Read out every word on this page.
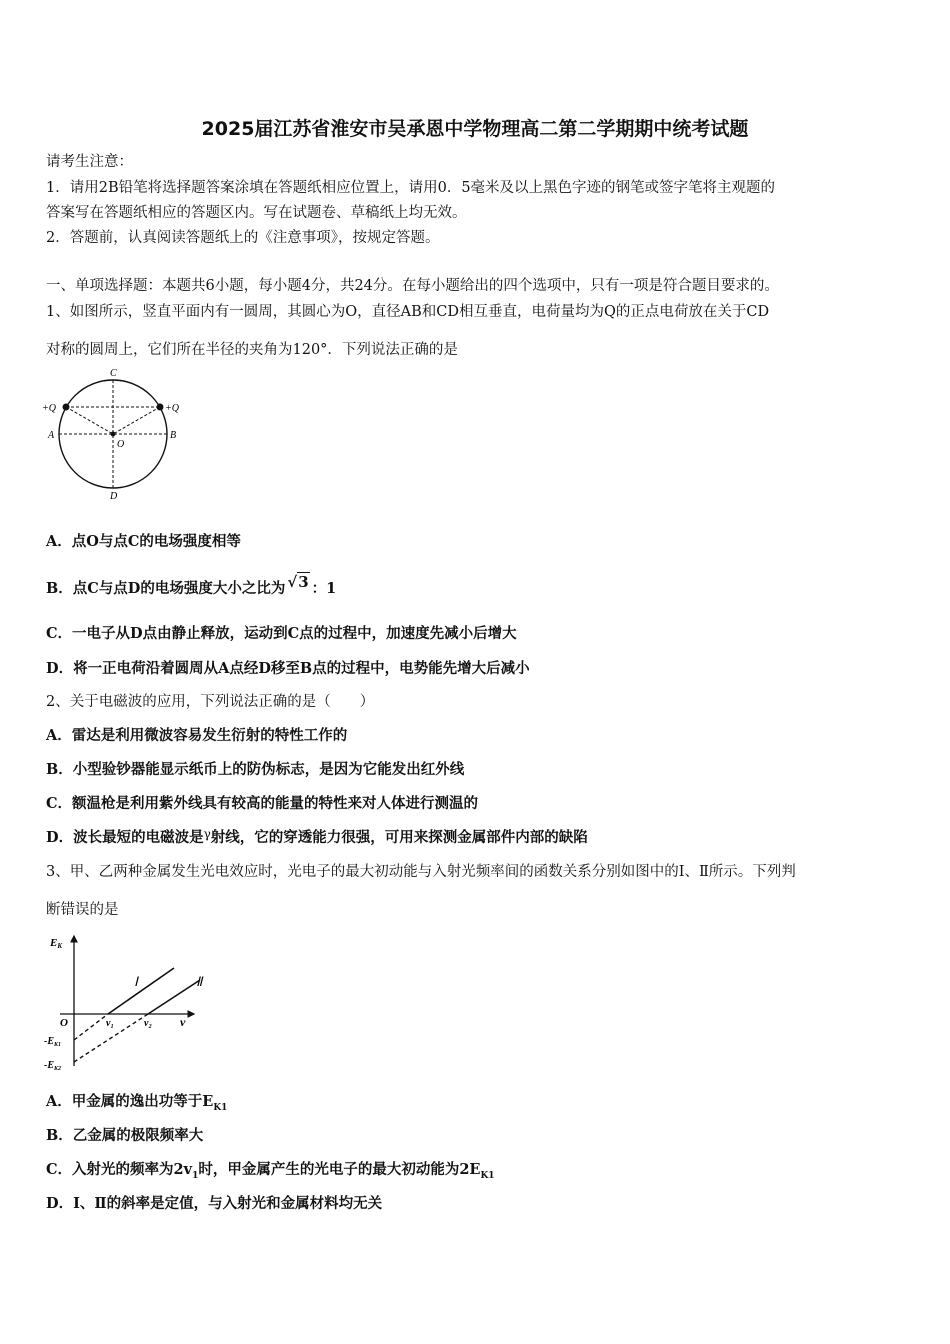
2025届江苏省淮安市吴承恩中学物理高二第二学期期中统考试题
请考生注意：
1．请用2B铅笔将选择题答案涂填在答题纸相应位置上，请用0．5毫米及以上黑色字迹的钢笔或签字笔将主观题的
答案写在答题纸相应的答题区内。写在试题卷、草稿纸上均无效。
2．答题前，认真阅读答题纸上的《注意事项》，按规定答题。
一、单项选择题：本题共6小题，每小题4分，共24分。在每小题给出的四个选项中，只有一项是符合题目要求的。
1、如图所示，竖直平面内有一圆周，其圆心为O，直径AB和CD相互垂直，电荷量均为Q的正点电荷放在关于CD
对称的圆周上，它们所在半径的夹角为120°．下列说法正确的是
C
D
A	B
O
+Q	+Q
A．点O与点C的电场强度相等
B．点C与点D的电场强度大小之比为 √3 ：1
C．一电子从D点由静止释放，运动到C点的过程中，加速度先减小后增大
D．将一正电荷沿着圆周从A点经D移至B点的过程中，电势能先增大后减小
2、关于电磁波的应用，下列说法正确的是（　　）
A．雷达是利用微波容易发生衍射的特性工作的
B．小型验钞器能显示纸币上的防伪标志，是因为它能发出红外线
C．额温枪是利用紫外线具有较高的能量的特性来对人体进行测温的
D．波长最短的电磁波是$^\gamma$射线，它的穿透能力很强，可用来探测金属部件内部的缺陷
3、甲、乙两种金属发生光电效应时，光电子的最大初动能与入射光频率间的函数关系分别如图中的Ⅰ、Ⅱ所示。下列判
断错误的是
EK
Ⅰ	Ⅱ
O	ν₁	ν₂ ν
$-E_{K1}$
$-E_{K2}$
A．甲金属的逸出功等于$E_{K1}$
B．乙金属的极限频率大
C．入射光的频率为$2v_1$时，甲金属产生的光电子的最大初动能为$2E_{K1}$
D．Ⅰ、Ⅱ的斜率是定值，与入射光和金属材料均无关
